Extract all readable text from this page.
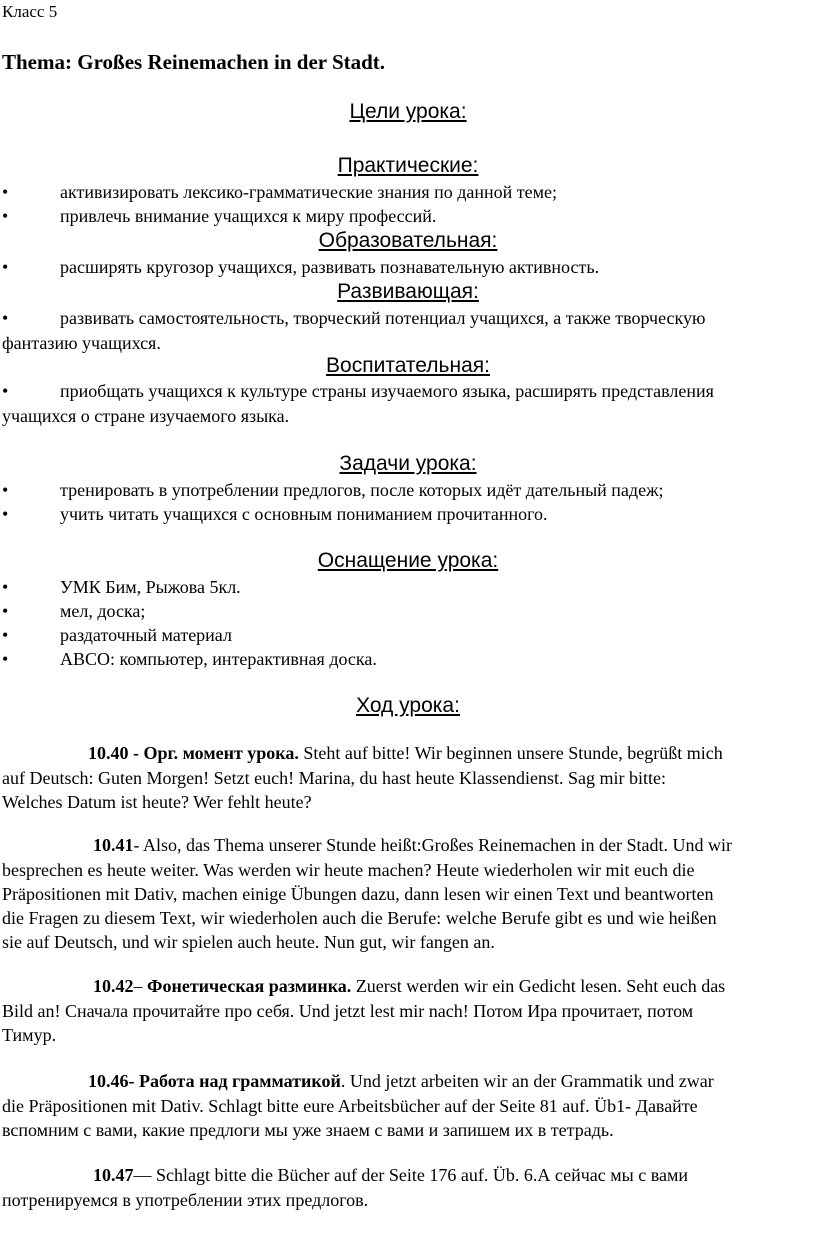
Класс 5
Thema: Großes Reinemachen in der Stadt.
Цели урока:
Практические:
•	активизировать лексико-грамматические знания по данной теме;
•	привлечь внимание учащихся к миру профессий.
Образовательная:
•	расширять кругозор учащихся, развивать познавательную активность.
Развивающая:
•	развивать самостоятельность, творческий потенциал учащихся, а также творческую
фантазию учащихся.
Воспитательная:
•	приобщать учащихся к культуре страны изучаемого языка, расширять представления
учащихся о стране изучаемого языка.
Задачи урока:
•	тренировать в употреблении предлогов, после которых идёт дательный падеж;
•	учить читать учащихся с основным пониманием прочитанного.
Оснащение урока:
•	УМК Бим, Рыжова 5кл.
•	мел, доска;
•	раздаточный материал
•	АВСО: компьютер, интерактивная доска.
Ход урока:
10.40 - Орг. момент урока. Steht auf bitte! Wir beginnen unsere Stunde, begrüßt mich
auf Deutsch: Guten Morgen! Setzt euch! Marina, du hast heute Klassendienst. Sag mir bitte:
Welches Datum ist heute? Wer fehlt heute?
10.41- Also, das Thema unserer Stunde heißt:Großes Reinemachen in der Stadt. Und wir
besprechen es heute weiter. Was werden wir heute machen? Heute wiederholen wir mit euch die
Präpositionen mit Dativ, machen einige Übungen dazu, dann lesen wir einen Text und beantworten
die Fragen zu diesem Text, wir wiederholen auch die Berufe: welche Berufe gibt es und wie heißen
sie auf Deutsch, und wir spielen auch heute. Nun gut, wir fangen an.
10.42– Фонетическая разминка. Zuerst werden wir ein Gedicht lesen. Seht euch das
Bild an! Сначала прочитайте про себя. Und jetzt lest mir nach! Потом Ира прочитает, потом
Тимур.
10.46- Работа над грамматикой. Und jetzt arbeiten wir an der Grammatik und zwar
die Präpositionen mit Dativ. Schlagt bitte eure Arbeitsbücher auf der Seite 81 auf. Üb1- Давайте
вспомним с вами, какие предлоги мы уже знаем с вами и запишем их в тетрадь.
10.47— Schlagt bitte die Bücher auf der Seite 176 auf. Üb. 6.А сейчас мы с вами
потренируемся в употреблении этих предлогов.
